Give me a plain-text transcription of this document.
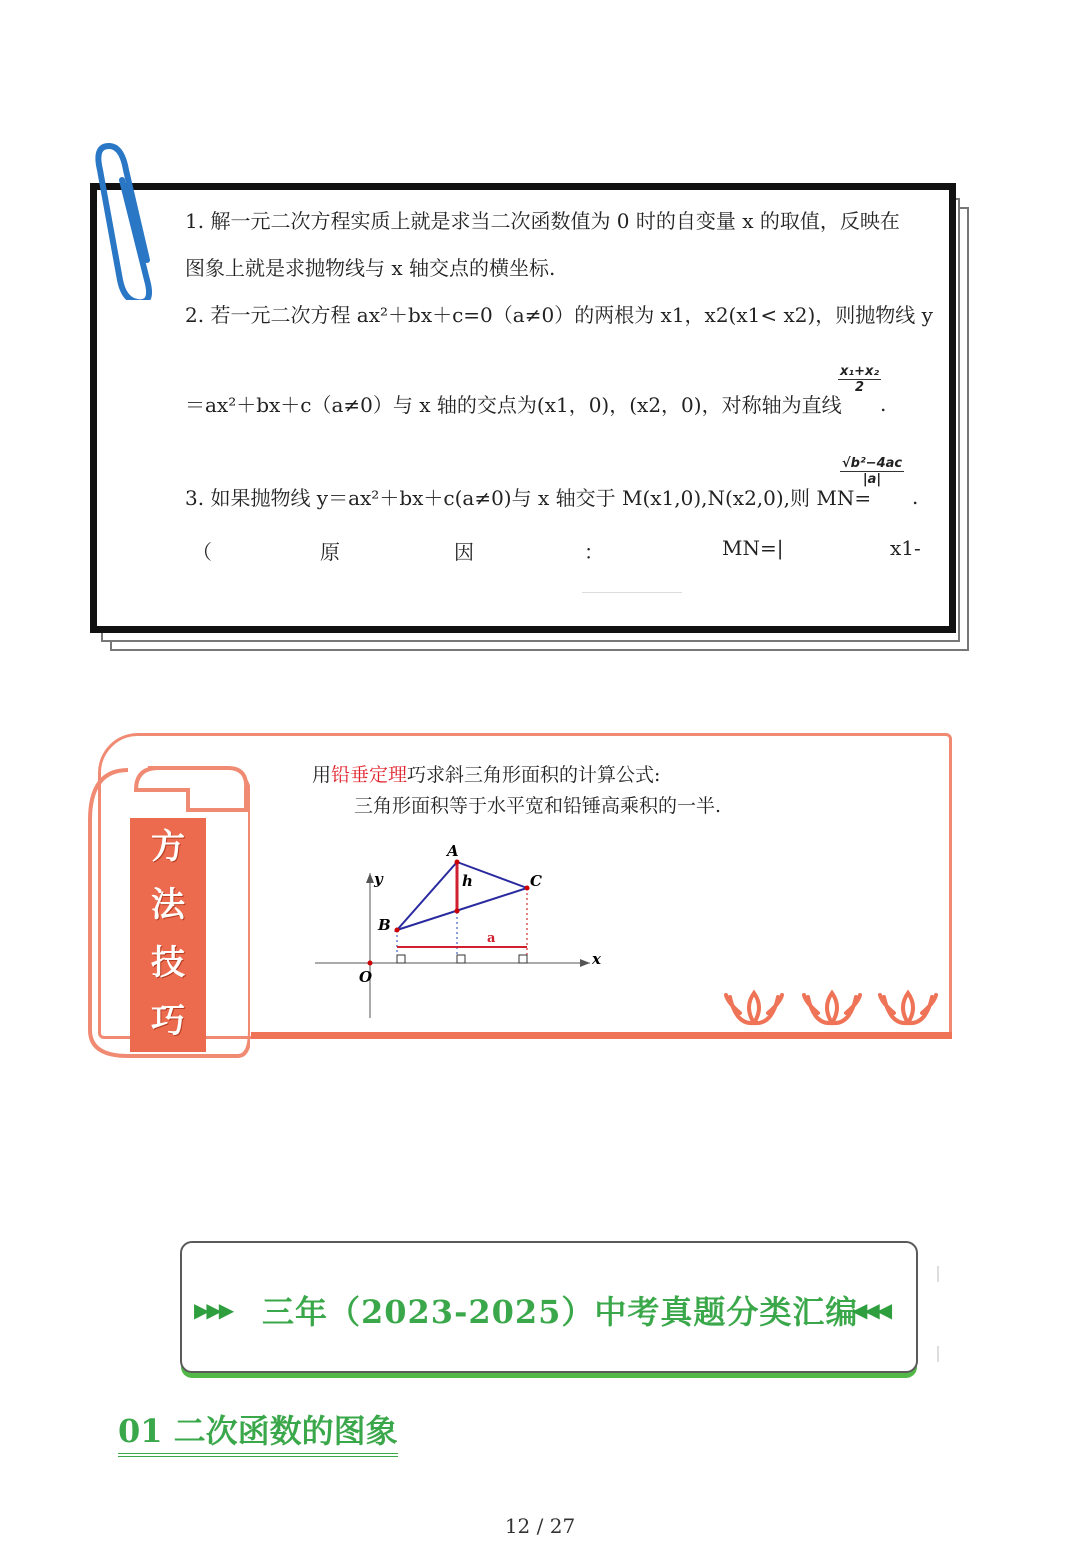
1. 解一元二次方程实质上就是求当二次函数值为 0 时的自变量 x 的取值，反映在
图象上就是求抛物线与 x 轴交点的横坐标.
2. 若一元二次方程 ax²＋bx＋c=0（a≠0）的两根为 x1，x2(x1< x2)，则抛物线 y
＝ax²＋bx＋c（a≠0）与 x 轴的交点为(x1，0)，(x2，0)，对称轴为直线
$\frac{\text{x₁+x₂}}{2}$
.
3. 如果抛物线 y＝ax²＋bx＋c(a≠0)与 x 轴交于 M(x1,0),N(x2,0),则 MN=
$\frac{\text{√b²−4ac}}{|a|}$
.
（	原	因	：	MN=|	x1-
方
法
技
巧
用铅垂定理巧求斜三角形面积的计算公式:
三角形面积等于水平宽和铅锤高乘积的一半.
A
B
C
h
a
x
y
O
▶▶▶ 三年（2023-2025）中考真题分类汇编
◀◀◀
01 二次函数的图象
12 / 27
